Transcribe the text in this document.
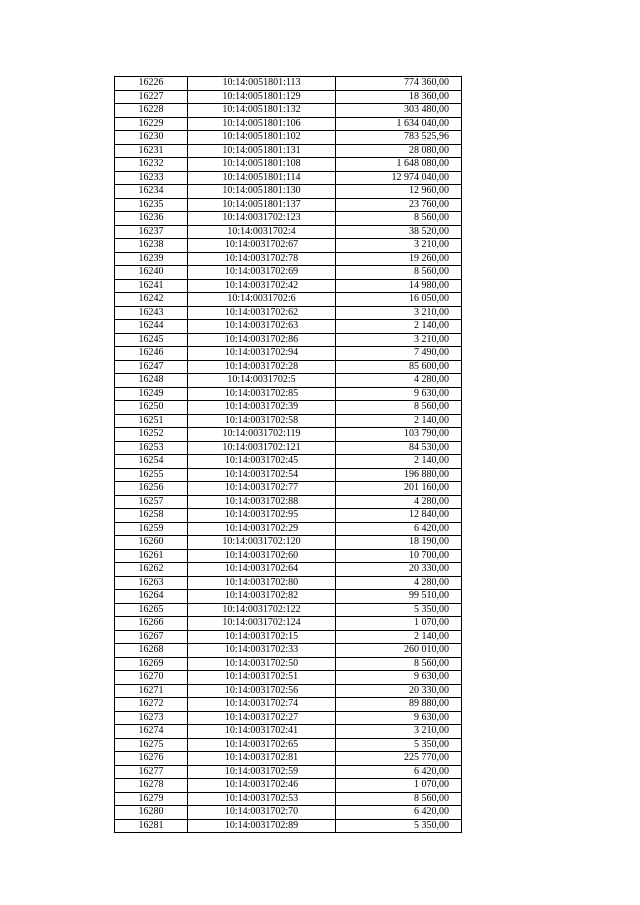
16226	10:14:0051801:113	774 360,00
16227	10:14:0051801:129	18 360,00
16228	10:14:0051801:132	303 480,00
16229	10:14:0051801:106	1 634 040,00
16230	10:14:0051801:102	783 525,96
16231	10:14:0051801:131	28 080,00
16232	10:14:0051801:108	1 648 080,00
16233	10:14:0051801:114	12 974 040,00
16234	10:14:0051801:130	12 960,00
16235	10:14:0051801:137	23 760,00
16236	10:14:0031702:123	8 560,00
16237	10:14:0031702:4	38 520,00
16238	10:14:0031702:67	3 210,00
16239	10:14:0031702:78	19 260,00
16240	10:14:0031702:69	8 560,00
16241	10:14:0031702:42	14 980,00
16242	10:14:0031702:6	16 050,00
16243	10:14:0031702:62	3 210,00
16244	10:14:0031702:63	2 140,00
16245	10:14:0031702:86	3 210,00
16246	10:14:0031702:94	7 490,00
16247	10:14:0031702:28	85 600,00
16248	10:14:0031702:5	4 280,00
16249	10:14:0031702:85	9 630,00
16250	10:14:0031702:39	8 560,00
16251	10:14:0031702:58	2 140,00
16252	10:14:0031702:119	103 790,00
16253	10:14:0031702:121	84 530,00
16254	10:14:0031702:45	2 140,00
16255	10:14:0031702:54	196 880,00
16256	10:14:0031702:77	201 160,00
16257	10:14:0031702:88	4 280,00
16258	10:14:0031702:95	12 840,00
16259	10:14:0031702:29	6 420,00
16260	10:14:0031702:120	18 190,00
16261	10:14:0031702:60	10 700,00
16262	10:14:0031702:64	20 330,00
16263	10:14:0031702:80	4 280,00
16264	10:14:0031702:82	99 510,00
16265	10:14:0031702:122	5 350,00
16266	10:14:0031702:124	1 070,00
16267	10:14:0031702:15	2 140,00
16268	10:14:0031702:33	260 010,00
16269	10:14:0031702:50	8 560,00
16270	10:14:0031702:51	9 630,00
16271	10:14:0031702:56	20 330,00
16272	10:14:0031702:74	89 880,00
16273	10:14:0031702:27	9 630,00
16274	10:14:0031702:41	3 210,00
16275	10:14:0031702:65	5 350,00
16276	10:14:0031702:81	225 770,00
16277	10:14:0031702:59	6 420,00
16278	10:14:0031702:46	1 070,00
16279	10:14:0031702:53	8 560,00
16280	10:14:0031702:70	6 420,00
16281	10:14:0031702:89	5 350,00
